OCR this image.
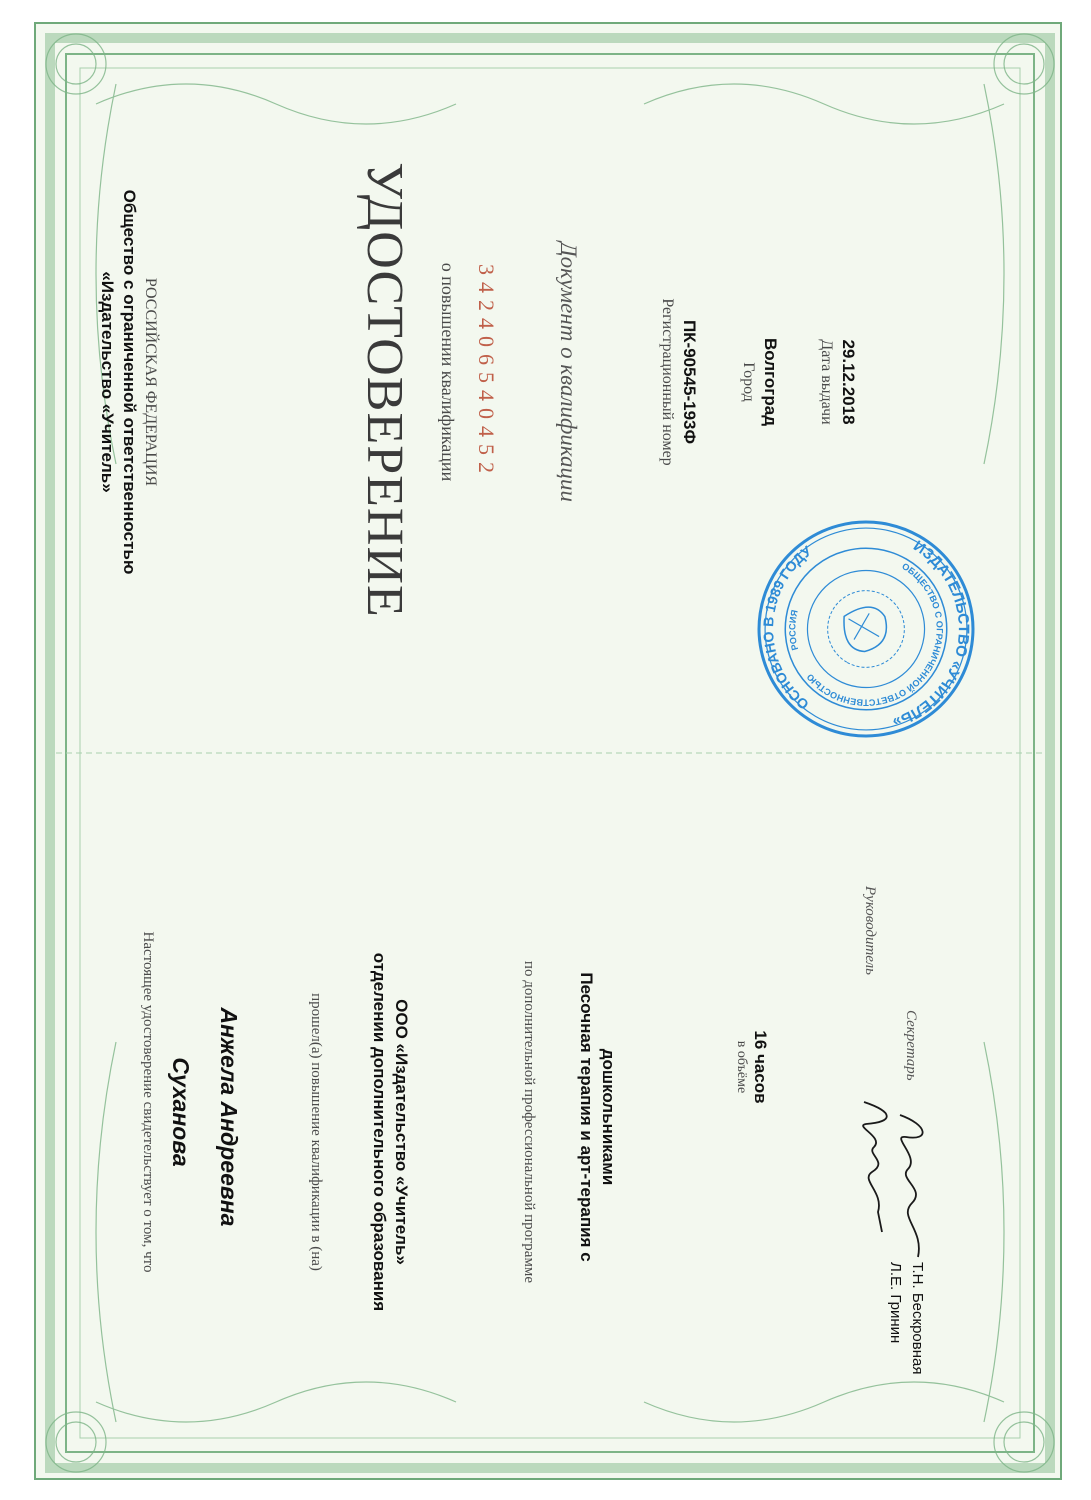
РОССИЙСКАЯ ФЕДЕРАЦИЯ
Общество с ограниченной ответственностью
«Издательство «Учитель»	УДОСТОВЕРЕНИЕ о повышении квалификации 342406540452 Документ о квалификации	Регистрационный номер ПК-90545-193Ф	Город Волгоград Дата выдачи 29.12.2018
Настоящее удостоверение свидетельствует о том, что Суханова Анжела Андреевна	прошел(а) повышение квалификации в (на)	отделении дополнительного образования ООО «Издательство «Учитель»	по дополнительной профессиональной программе Песочная терапия и арт-терапия с дошкольниками	в объёме 16 часов
Руководитель
Секретарь
Л.Е. Гринин Т.Н. Бескровная
ИЗДАТЕЛЬСТВО «УЧИТЕЛЬ»
ОСНОВАНО В 1989 ГОДУ
ОБЩЕСТВО С ОГРАНИЧЕННОЙ ОТВЕТСТВЕННОСТЬЮ
РОССИЯ
